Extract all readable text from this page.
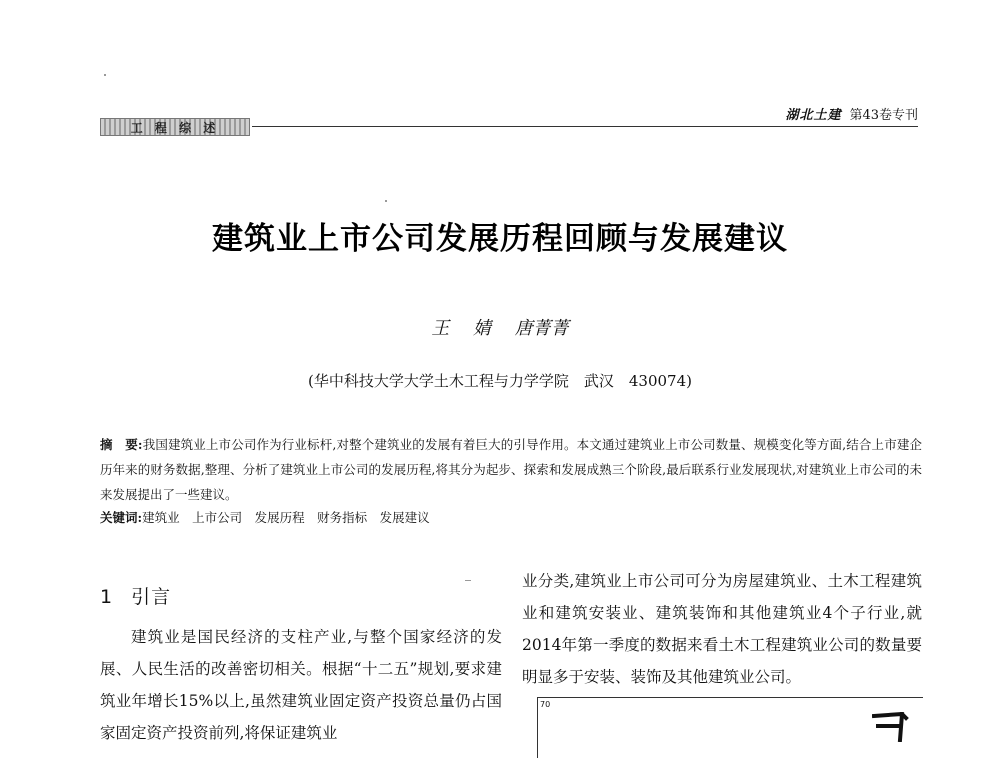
工 程 综 述
湖北土建 第43卷专刊
建筑业上市公司发展历程回顾与发展建议
王 婧 唐菁菁
(华中科技大学大学土木工程与力学学院　武汉　430074)
摘　要:我国建筑业上市公司作为行业标杆,对整个建筑业的发展有着巨大的引导作用。本文通过建筑业上市公司数量、规模变化等方面,结合上市建企历年来的财务数据,整理、分析了建筑业上市公司的发展历程,将其分为起步、探索和发展成熟三个阶段,最后联系行业发展现状,对建筑业上市公司的未来发展提出了一些建议。
关键词:建筑业　上市公司　发展历程　财务指标　发展建议
1 引言

建筑业是国民经济的支柱产业,与整个国家经济的发展、人民生活的改善密切相关。根据“十二五”规划,要求建筑业年增长15%以上,虽然建筑业固定资产投资总量仍占国家固定资产投资前列,将保证建筑业

业分类,建筑业上市公司可分为房屋建筑业、土木工程建筑业和建筑安装业、建筑装饰和其他建筑业4个子行业,就2014年第一季度的数据来看土木工程建筑业公司的数量要明显多于安装、装饰及其他建筑业公司。

70
